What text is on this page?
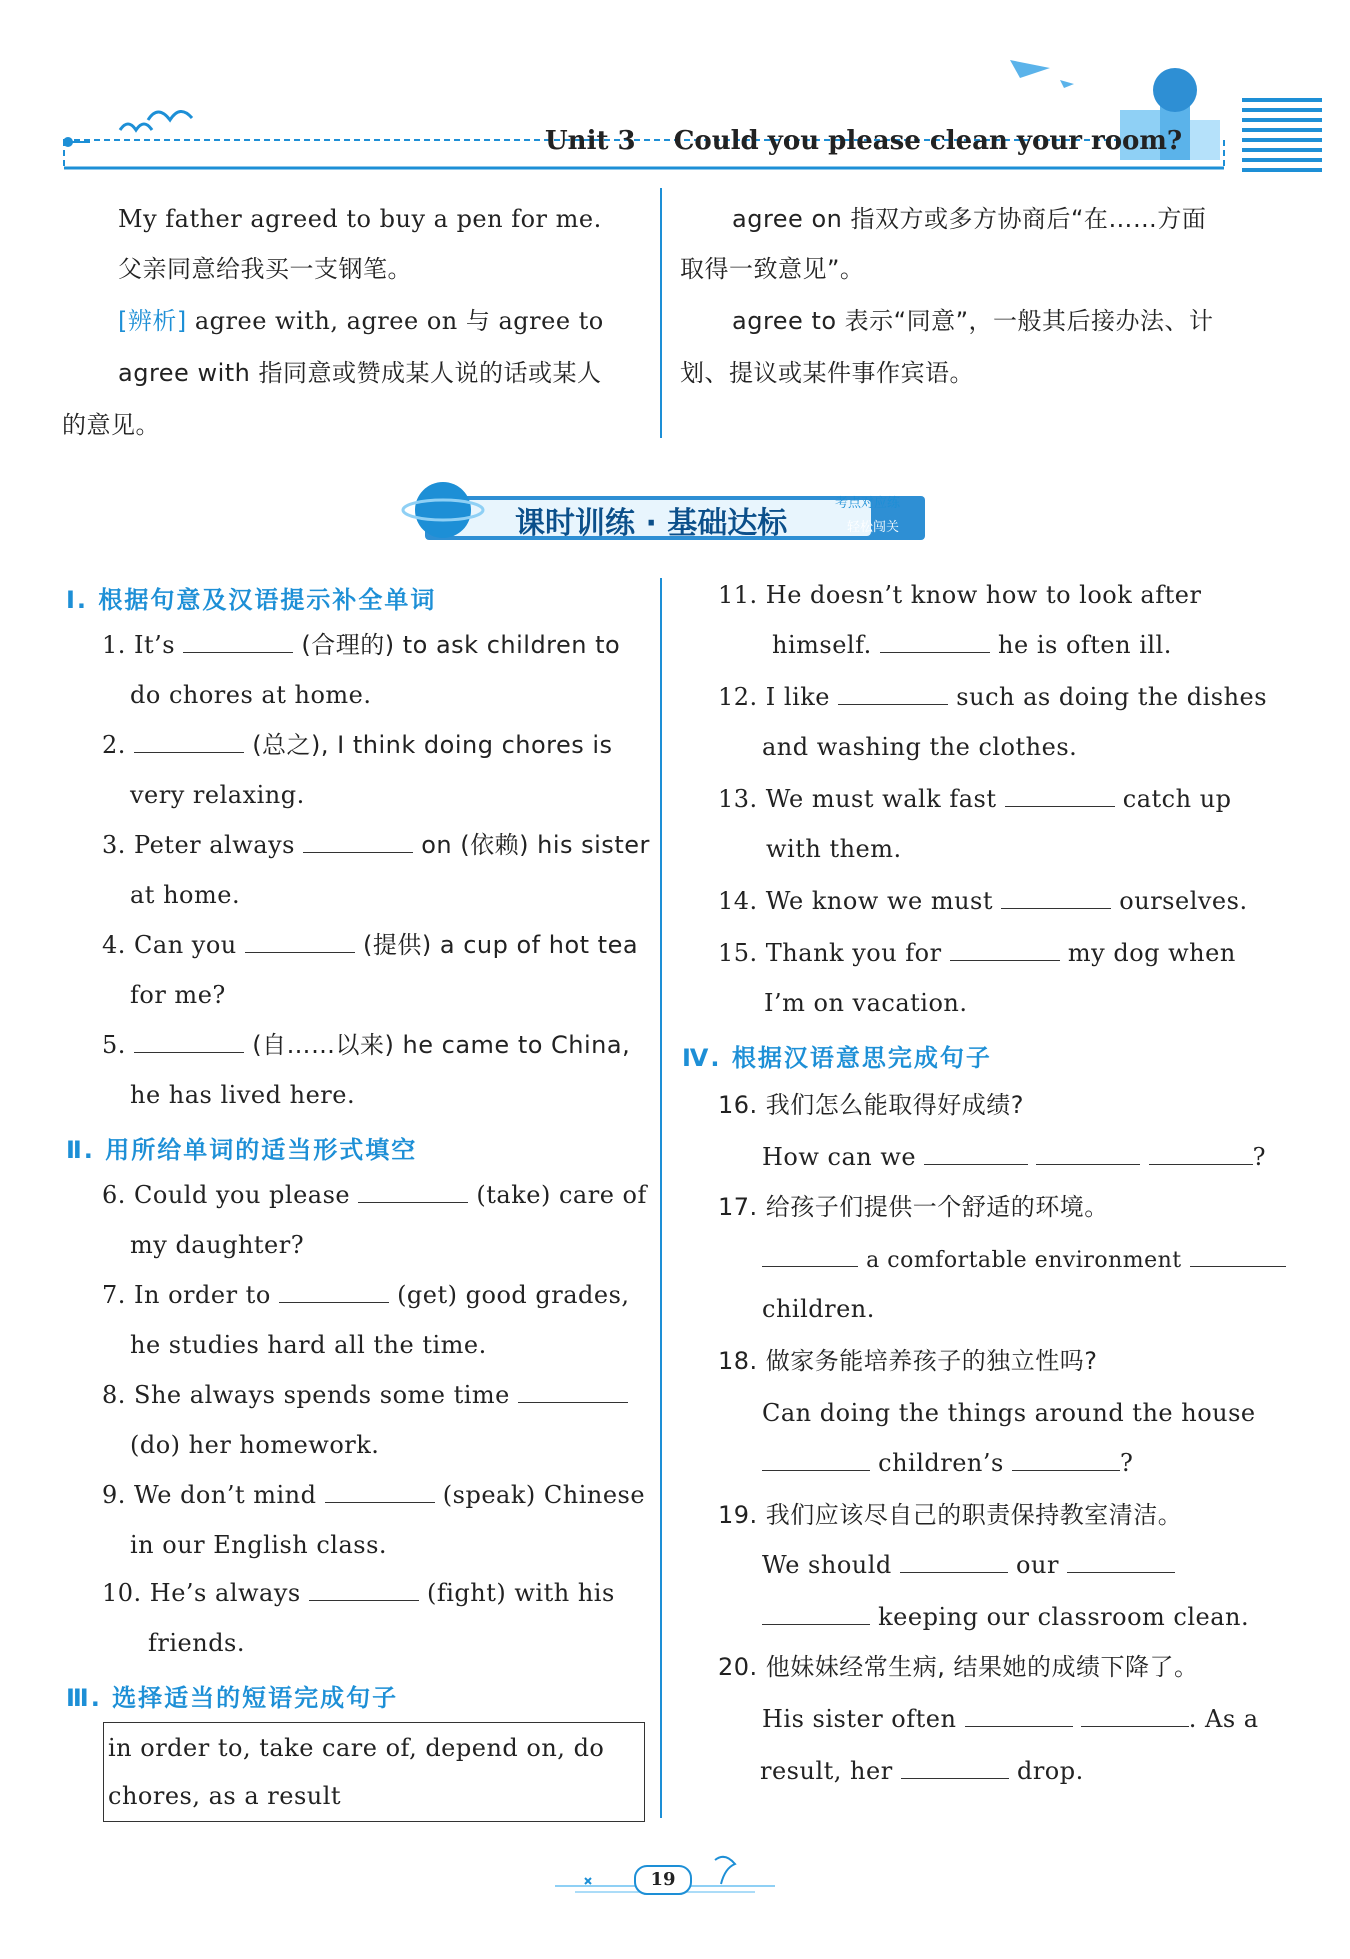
Unit 3 Could you please clean your room?
My father agreed to buy a pen for me.
父亲同意给我买一支钢笔。
[辨析] agree with, agree on 与 agree to
agree with 指同意或赞成某人说的话或某人
的意见。
agree on 指双方或多方协商后“在……方面
取得一致意见”。
agree to 表示“同意”，一般其后接办法、计
划、提议或某件事作宾语。
课时训练 · 基础达标
考点对应练
轻松闯关
Ⅰ. 根据句意及汉语提示补全单词
1. It’s	(合理的) to ask children to
do chores at home.
2.	(总之), I think doing chores is
very relaxing.
3. Peter always	on (依赖) his sister
at home.
4. Can you	(提供) a cup of hot tea
for me?
5.	(自……以来) he came to China,
he has lived here.
Ⅱ. 用所给单词的适当形式填空
6. Could you please	(take) care of
my daughter?
7. In order to	(get) good grades,
he studies hard all the time.
8. She always spends some time
(do) her homework.
9. We don’t mind	(speak) Chinese
in our English class.
10. He’s always	(fight) with his
friends.
Ⅲ. 选择适当的短语完成句子
in order to, take care of, depend on, do
chores, as a result
11. He doesn’t know how to look after
himself.	he is often ill.
12. I like	such as doing the dishes
and washing the clothes.
13. We must walk fast	catch up
with them.
14. We know we must	ourselves.
15. Thank you for	my dog when
I’m on vacation.
Ⅳ. 根据汉语意思完成句子
16. 我们怎么能取得好成绩?
How can we	?
17. 给孩子们提供一个舒适的环境。
a comfortable environment
children.
18. 做家务能培养孩子的独立性吗?
Can doing the things around the house
children’s	?
19. 我们应该尽自己的职责保持教室清洁。
We should	our
keeping our classroom clean.
20. 他妹妹经常生病, 结果她的成绩下降了。
His sister often	. As a
result, her	drop.
19
